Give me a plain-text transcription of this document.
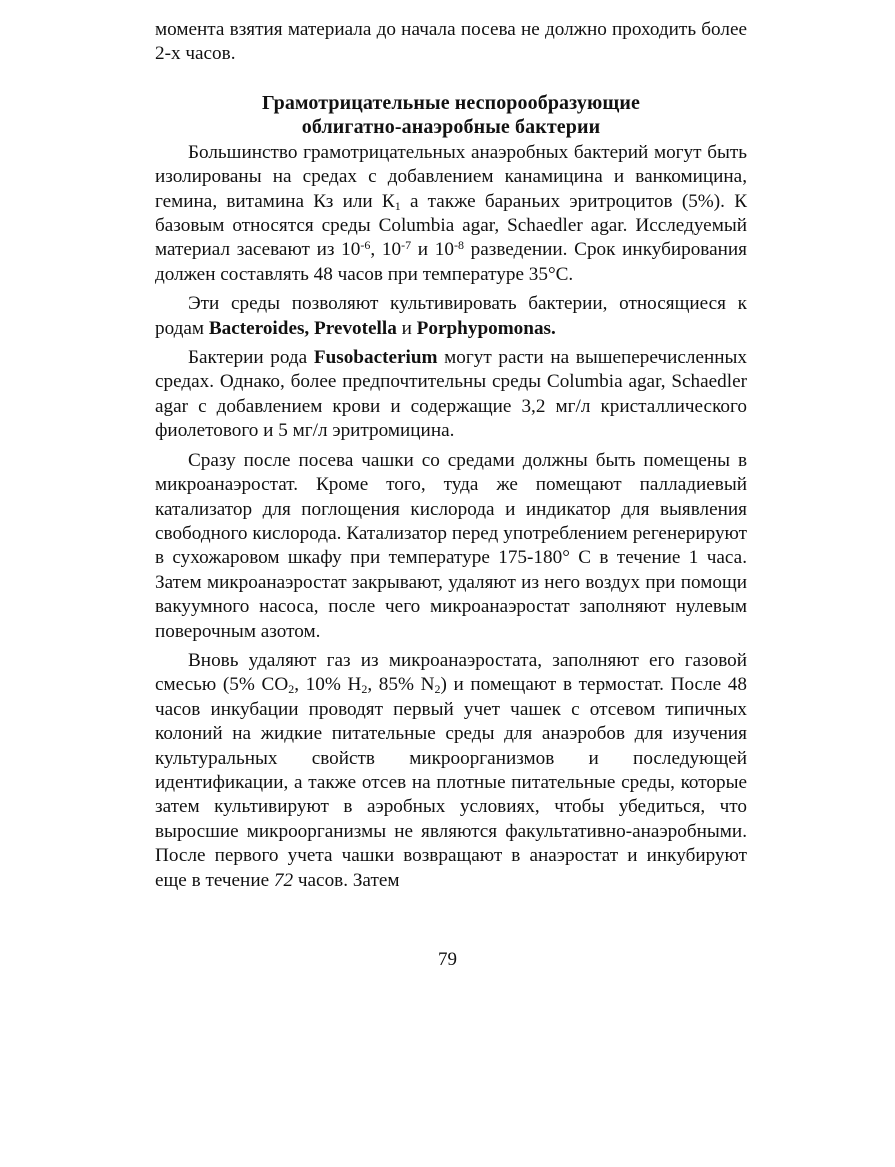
момента взятия материала до начала посева не должно проходить более 2-х часов.

Грамотрицательные неспорообразующие
облигатно-анаэробные бактерии

Большинство грамотрицательных анаэробных бактерий могут быть изолированы на средах с добавлением канамицина и ванкомицина, гемина, витамина Кз или $К_1$ а также бараньих эритроцитов (5%). К базовым относятся среды Columbia agar, Schaedler agar. Исследуемый материал засевают из $10^{-6}$, $10^{-7}$ и $10^{-8}$ разведении. Срок инкубирования должен составлять 48 часов при температуре 35°С.

Эти среды позволяют культивировать бактерии, относящиеся к родам Bacteroides, Prevotella и Porphypomonas.

Бактерии рода Fusobacterium могут расти на вышеперечисленных средах. Однако, более предпочтительны среды Columbia agar, Schaedler agar с добавлением крови и содержащие 3,2 мг/л кристаллического фиолетового и 5 мг/л эритромицина.

Сразу после посева чашки со средами должны быть помещены в микроанаэростат. Кроме того, туда же помещают палладиевый катализатор для поглощения кислорода и индикатор для выявления свободного кислорода. Катализатор перед употреблением регенерируют в сухожаровом шкафу при температуре 175-180° С в течение 1 часа. Затем микроанаэростат закрывают, удаляют из него воздух при помощи вакуумного насоса, после чего микроанаэростат заполняют нулевым поверочным азотом.

Вновь удаляют газ из микроанаэростата, заполняют его газовой смесью (5% $СО_2$, 10% $Н_2$, 85% $N_2$) и помещают в термостат. После 48 часов инкубации проводят первый учет чашек с отсевом типичных колоний на жидкие питательные среды для анаэробов для изучения культуральных свойств микроорганизмов и последующей идентификации, а также отсев на плотные питательные среды, которые затем культивируют в аэробных условиях, чтобы убедиться, что выросшие микроорганизмы не являются факультативно-анаэробными. После первого учета чашки возвращают в анаэростат и инкубируют еще в течение 72 часов. Затем

79
